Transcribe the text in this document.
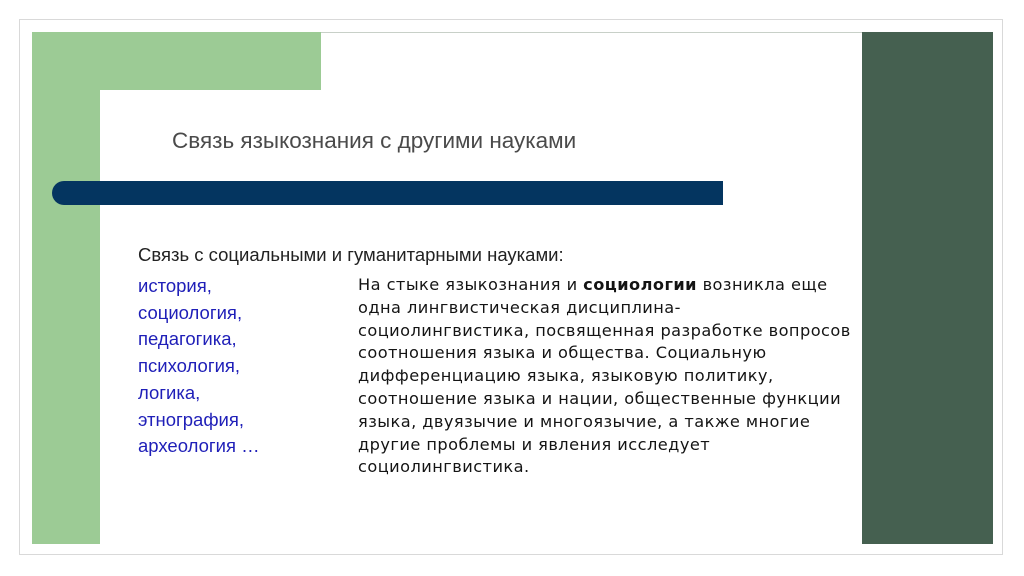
Связь языкознания с другими науками
Связь с социальными и гуманитарными науками:
история,
социология,
педагогика,
психология,
логика,
этнография,
археология …
На стыке языкознания и социологии возникла еще одна лингвистическая дисциплина- социолингвистика, посвященная разработке вопросов соотношения языка и общества. Социальную дифференциацию языка, языковую политику, соотношение языка и нации, общественные функции языка, двуязычие и многоязычие, а также многие другие проблемы и явления исследует социолингвистика.
